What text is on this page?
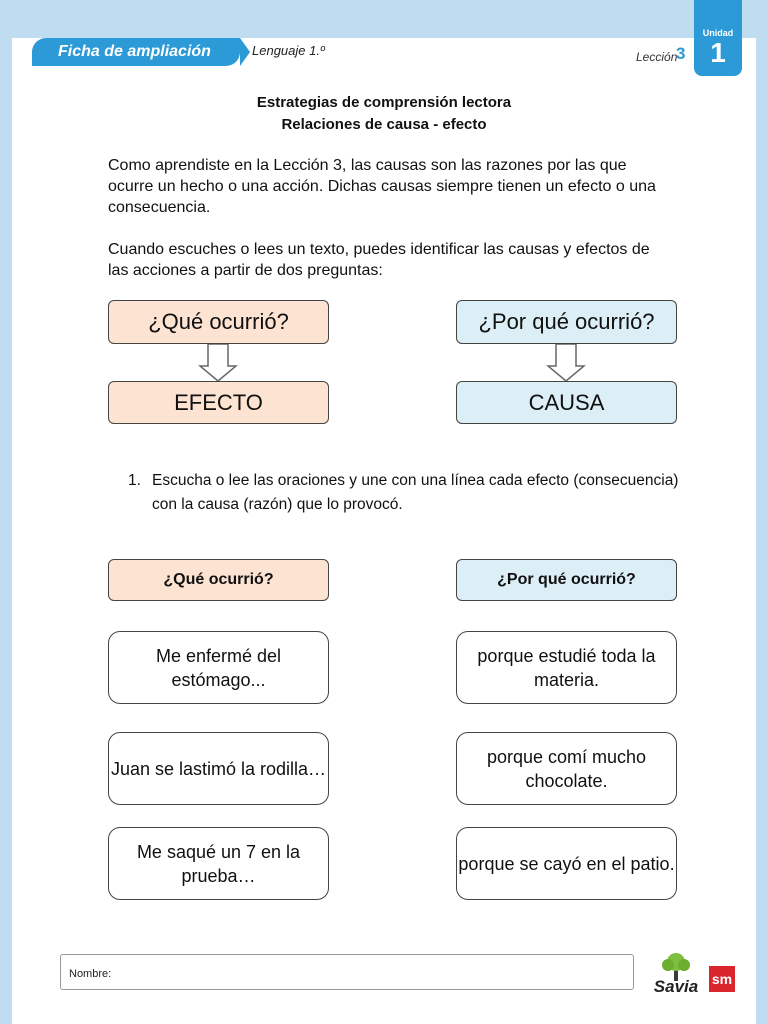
Ficha de ampliación	Lenguaje 1.º	Lección
3
Unidad
1
Estrategias de comprensión lectora
Relaciones de causa - efecto

Como aprendiste en la Lección 3, las causas son las razones por las que ocurre un hecho o una acción. Dichas causas siempre tienen un efecto o una consecuencia.

Cuando escuches o lees un texto, puedes identificar las causas y efectos de las acciones a partir de dos preguntas:

¿Qué ocurrió?
EFECTO
¿Por qué ocurrió?
CAUSA
1. Escucha o lee las oraciones y une con una línea cada efecto (consecuencia) con la causa (razón) que lo provocó.
¿Qué ocurrió?	¿Por qué ocurrió?
Me enfermé del estómago...
Juan se lastimó la rodilla…
Me saqué un 7 en la prueba…
porque estudié toda la materia.
porque comí mucho chocolate.
porque se cayó en el patio.
Nombre:
Savia sm
